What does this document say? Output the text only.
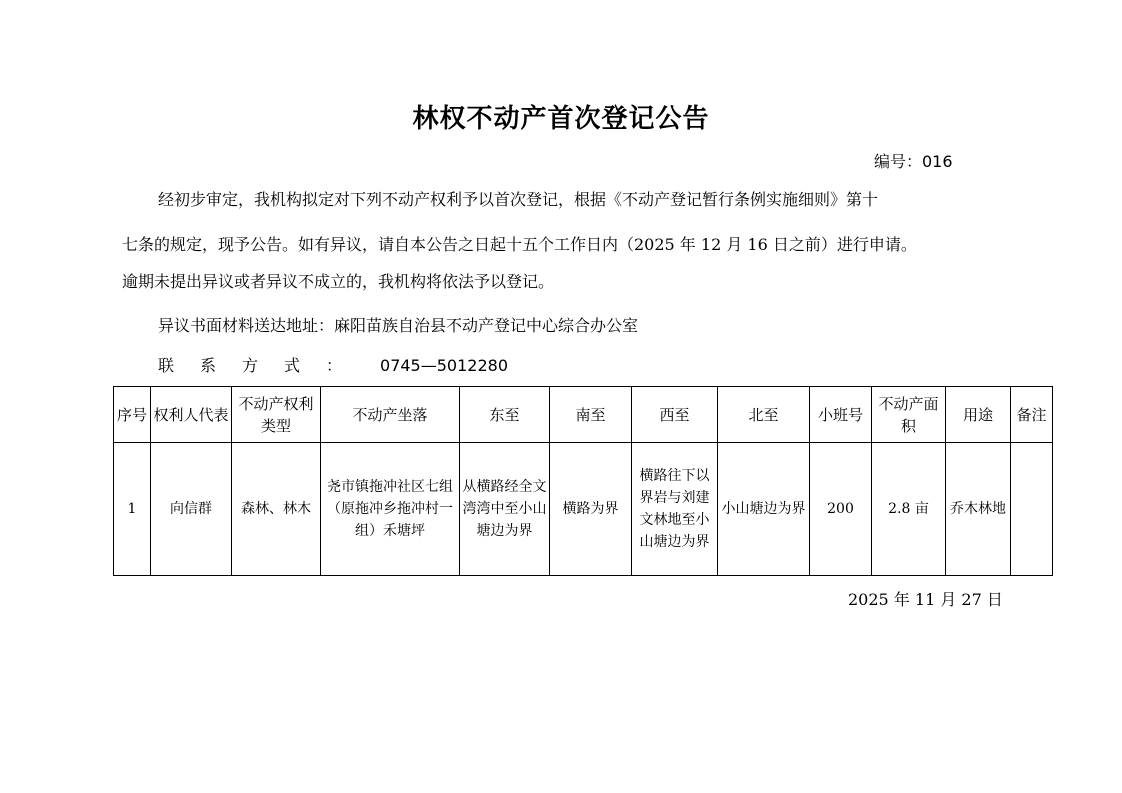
林权不动产首次登记公告
编号：016
经初步审定，我机构拟定对下列不动产权利予以首次登记，根据《不动产登记暂行条例实施细则》第十
七条的规定，现予公告。如有异议，请自本公告之日起十五个工作日内（2025 年 12 月 16 日之前）进行申请。
逾期未提出异议或者异议不成立的，我机构将依法予以登记。
异议书面材料送达地址：麻阳苗族自治县不动产登记中心综合办公室
联系方式： 0745—5012280
序号	权利人代表	不动产权利类型	不动产坐落	东至	南至	西至	北至	小班号	不动产面积	用途	备注
1	向信群	森林、林木	尧市镇拖冲社区七组（原拖冲乡拖冲村一组）禾塘坪	从横路经全文湾湾中至小山塘边为界	横路为界	横路往下以界岩与刘建文林地至小山塘边为界	小山塘边为界	200	2.8 亩	乔木林地	
2025 年 11 月 27 日
